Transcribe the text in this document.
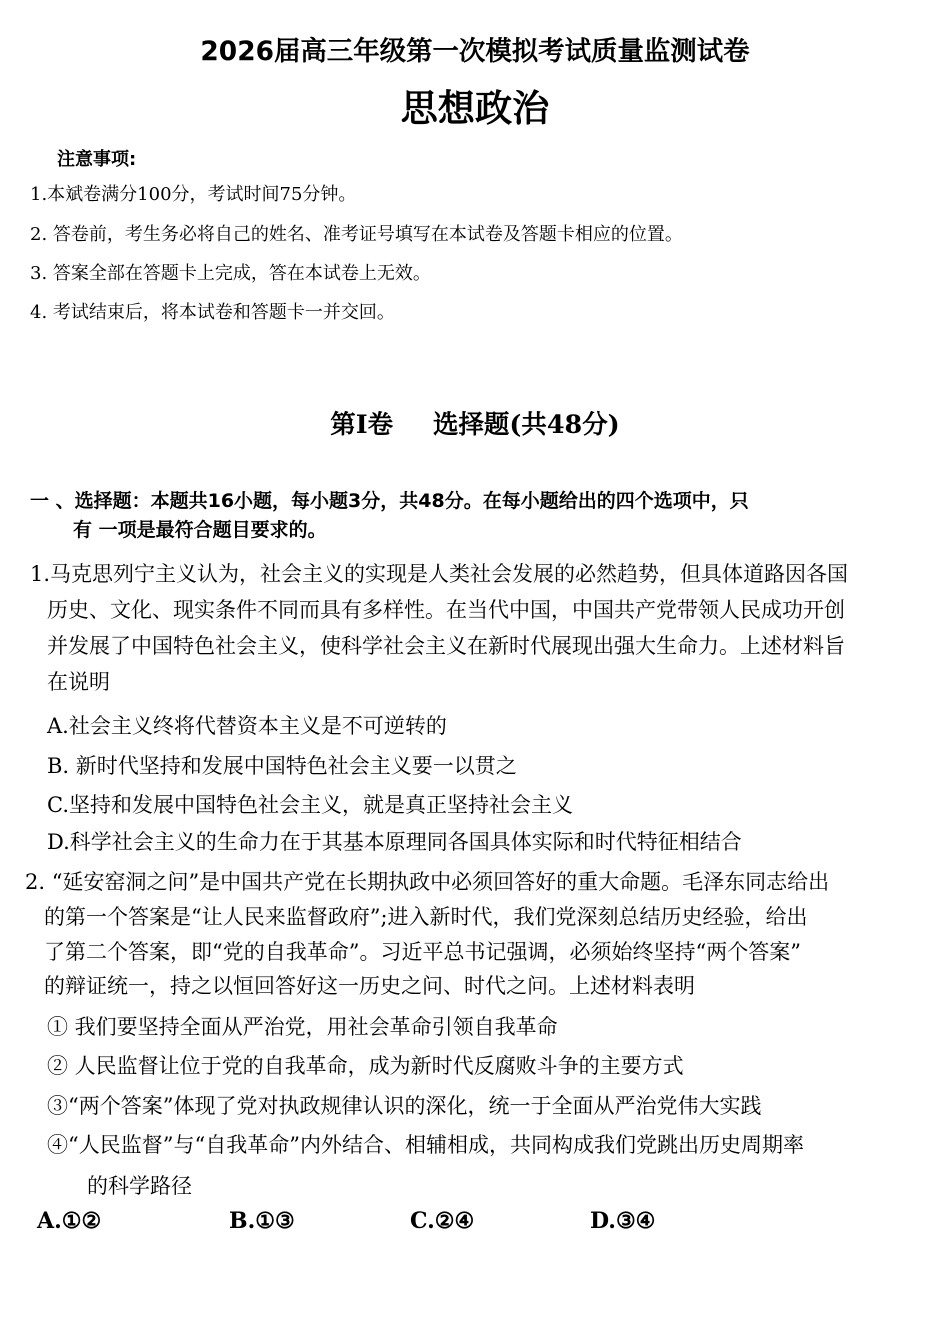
2026届高三年级第一次模拟考试质量监测试卷
思想政治
注意事项:
1.本斌卷满分100分，考试时间75分钟。
2. 答卷前，考生务必将自己的姓名、准考证号填写在本试卷及答题卡相应的位置。
3. 答案全部在答题卡上完成，答在本试卷上无效。
4. 考试结束后，将本试卷和答题卡一并交回。
第I卷 选择题(共48分)
一 、选择题：本题共16小题，每小题3分，共48分。在每小题给出的四个选项中，只
有 一项是最符合题目要求的。
1.马克思列宁主义认为，社会主义的实现是人类社会发展的必然趋势，但具体道路因各国
历史、文化、现实条件不同而具有多样性。在当代中国，中国共产党带领人民成功开创
并发展了中国特色社会主义，使科学社会主义在新时代展现出强大生命力。上述材料旨
在说明
A.社会主义终将代替资本主义是不可逆转的
B. 新时代坚持和发展中国特色社会主义要一以贯之
C.坚持和发展中国特色社会主义，就是真正坚持社会主义
D.科学社会主义的生命力在于其基本原理同各国具体实际和时代特征相结合
2. “延安窑洞之问”是中国共产党在长期执政中必须回答好的重大命题。毛泽东同志给出
的第一个答案是“让人民来监督政府”;进入新时代，我们党深刻总结历史经验，给出
了第二个答案，即“党的自我革命”。习近平总书记强调，必须始终坚持“两个答案”
的辩证统一，持之以恒回答好这一历史之问、时代之问。上述材料表明
① 我们要坚持全面从严治党，用社会革命引领自我革命
② 人民监督让位于党的自我革命，成为新时代反腐败斗争的主要方式
③“两个答案”体现了党对执政规律认识的深化，统一于全面从严治党伟大实践
④“人民监督”与“自我革命”内外结合、相辅相成，共同构成我们党跳出历史周期率
的科学路径
A.①②	B.①③	C.②④	D.③④
